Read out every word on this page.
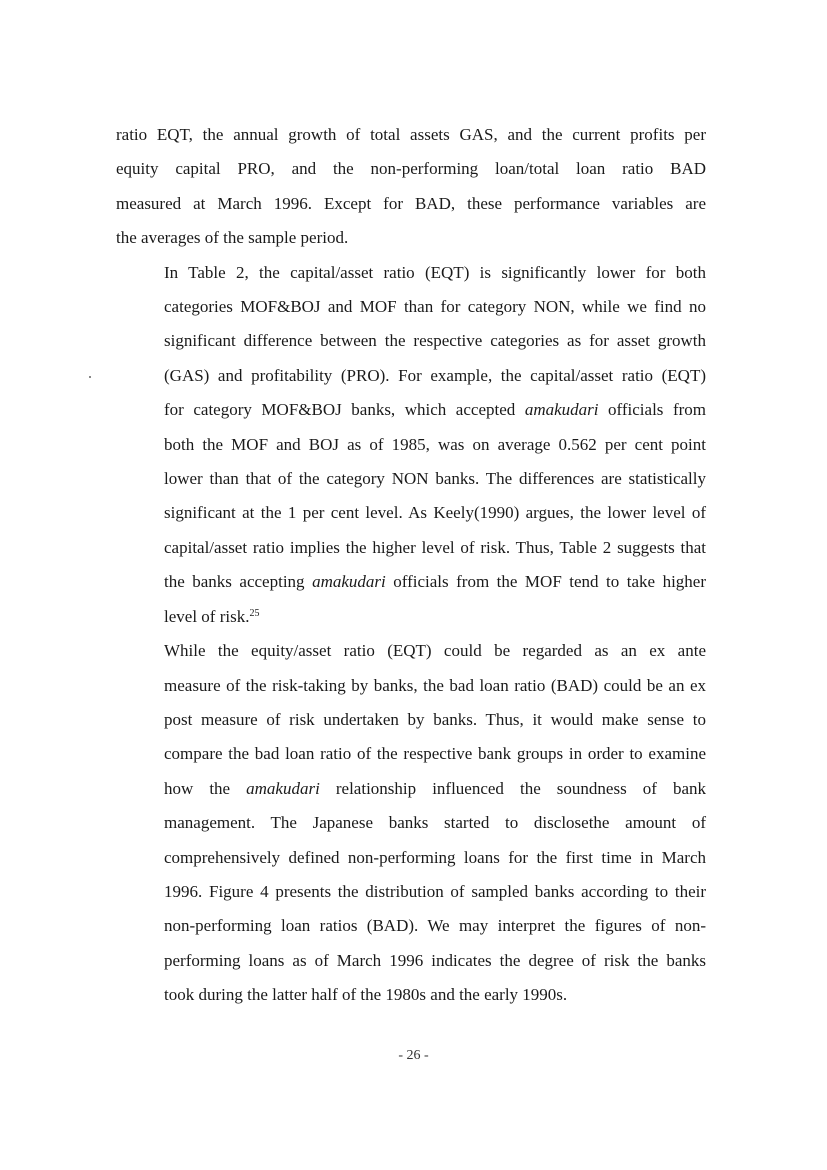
ratio EQT, the annual growth of total assets GAS, and the current profits per
equity capital PRO, and the non-performing loan/total loan ratio BAD
measured at March 1996. Except for BAD, these performance variables are
the averages of the sample period.

In Table 2, the capital/asset ratio (EQT) is significantly lower for both
categories MOF&BOJ and MOF than for category NON, while we find no
significant difference between the respective categories as for asset growth
(GAS) and profitability (PRO). For example, the capital/asset ratio (EQT)
for category MOF&BOJ banks, which accepted amakudari officials from
both the MOF and BOJ as of 1985, was on average 0.562 per cent point
lower than that of the category NON banks. The differences are statistically
significant at the 1 per cent level. As Keely(1990) argues, the lower level of
capital/asset ratio implies the higher level of risk. Thus, Table 2 suggests that
the banks accepting amakudari officials from the MOF tend to take higher
level of risk.$^{25}$

While the equity/asset ratio (EQT) could be regarded as an ex ante
measure of the risk-taking by banks, the bad loan ratio (BAD) could be an ex
post measure of risk undertaken by banks. Thus, it would make sense to
compare the bad loan ratio of the respective bank groups in order to examine
how the amakudari relationship influenced the soundness of bank
management. The Japanese banks started to disclosethe amount of
comprehensively defined non-performing loans for the first time in March
1996. Figure 4 presents the distribution of sampled banks according to their
non-performing loan ratios (BAD). We may interpret the figures of non-
performing loans as of March 1996 indicates the degree of risk the banks
took during the latter half of the 1980s and the early 1990s.

- 26 -
